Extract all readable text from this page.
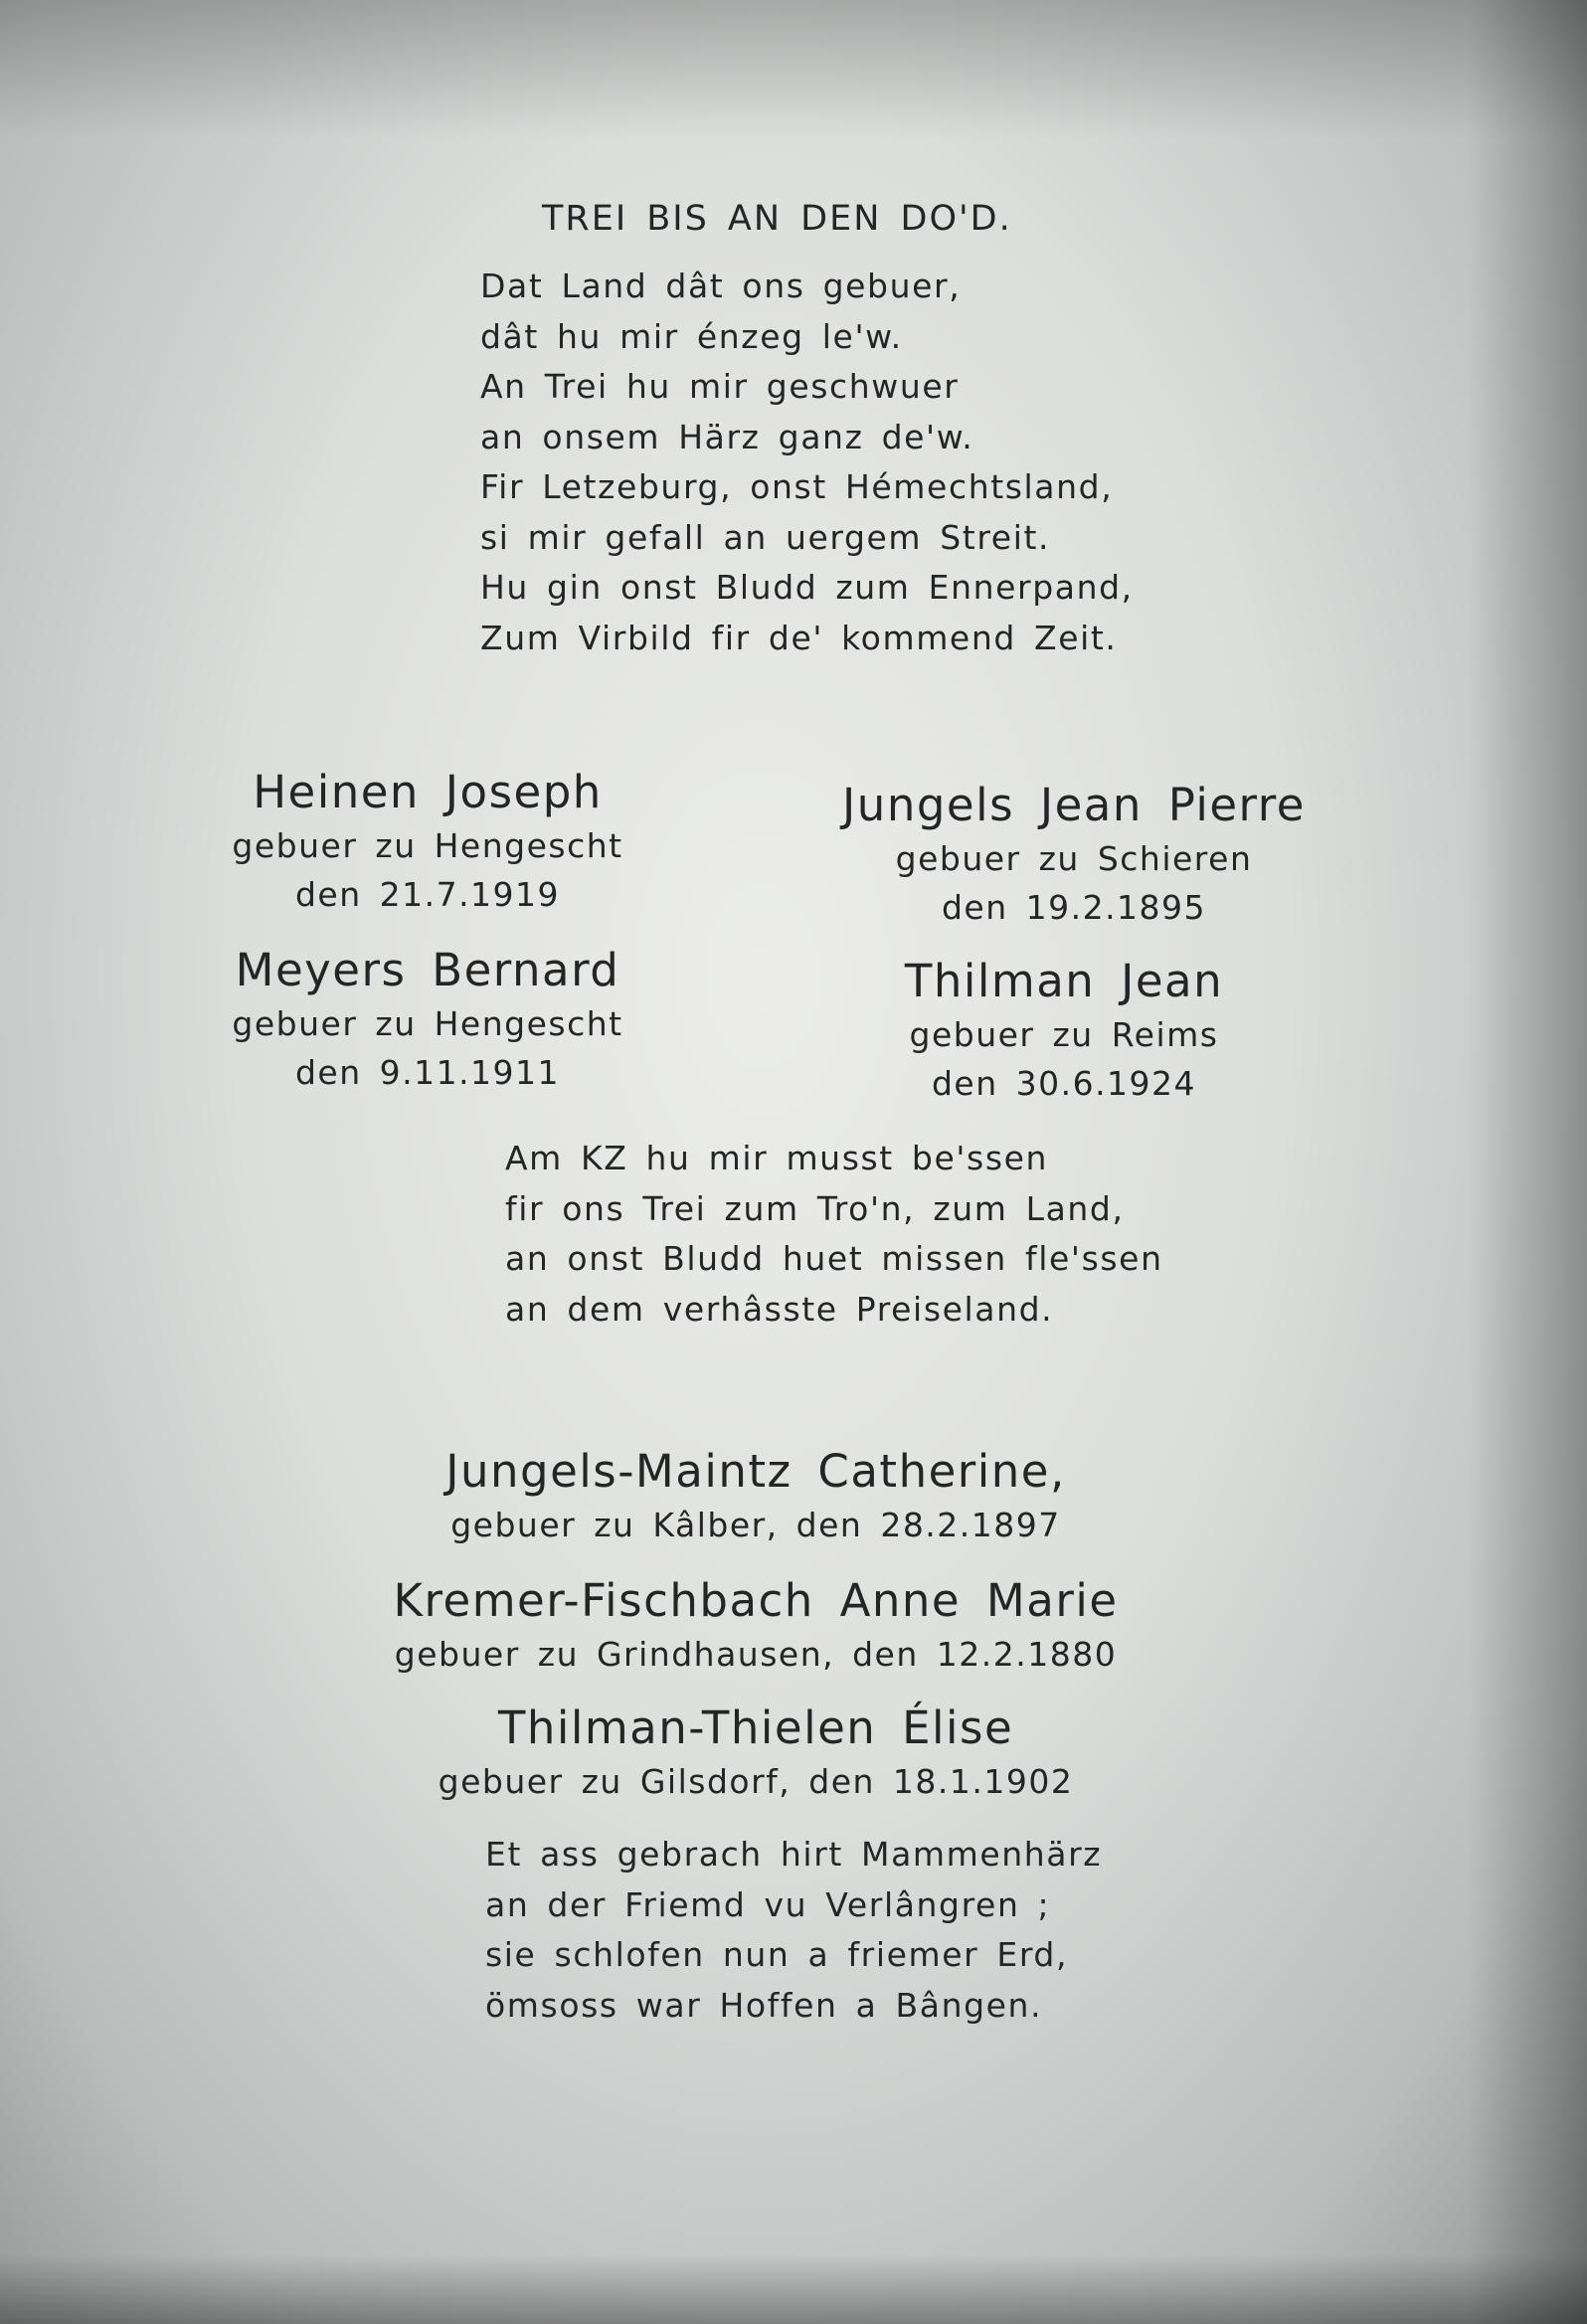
TREI BIS AN DEN DO'D.
Dat Land dât ons gebuer,
dât hu mir énzeg le'w.
An Trei hu mir geschwuer
an onsem Härz ganz de'w.
Fir Letzeburg, onst Hémechtsland,
si mir gefall an uergem Streit.
Hu gin onst Bludd zum Ennerpand,
Zum Virbild fir de' kommend Zeit.
Heinen Joseph
gebuer zu Hengescht
den 21.7.1919
Jungels Jean Pierre
gebuer zu Schieren
den 19.2.1895
Meyers Bernard
gebuer zu Hengescht
den 9.11.1911
Thilman Jean
gebuer zu Reims
den 30.6.1924
Am KZ hu mir musst be'ssen
fir ons Trei zum Tro'n, zum Land,
an onst Bludd huet missen fle'ssen
an dem verhâsste Preiseland.
Jungels-Maintz Catherine,
gebuer zu Kâlber, den 28.2.1897
Kremer-Fischbach Anne Marie
gebuer zu Grindhausen, den 12.2.1880
Thilman-Thielen Élise
gebuer zu Gilsdorf, den 18.1.1902
Et ass gebrach hirt Mammenhärz
an der Friemd vu Verlângren ;
sie schlofen nun a friemer Erd,
ömsoss war Hoffen a Bângen.
